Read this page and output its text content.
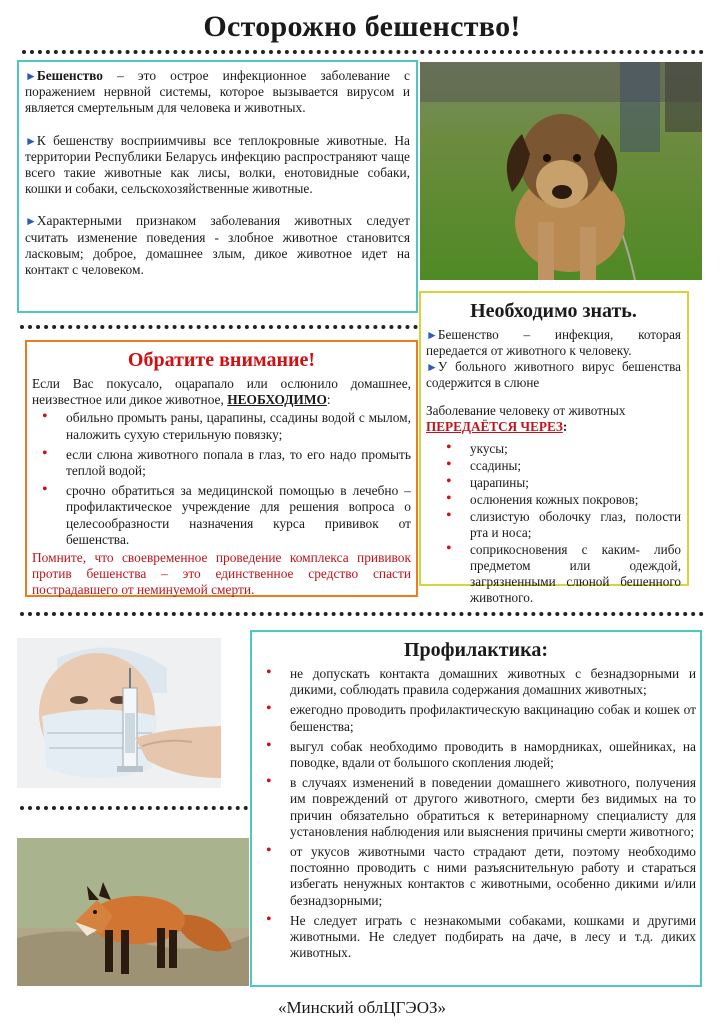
Осторожно бешенство!

►Бешенство – это острое инфекционное заболевание с поражением нервной системы, которое вызывается вирусом и является смертельным для человека и животных.

►К бешенству восприимчивы все теплокровные животные. На территории Республики Беларусь инфекцию распространяют чаще всего такие животные как лисы, волки, енотовидные собаки, кошки и собаки, сельскохозяйственные животные.

►Характерными признаком заболевания животных следует считать изменение поведения - злобное животное становится ласковым; доброе, домашнее злым, дикое животное идет на контакт с человеком.

Необходимо знать.

►Бешенство – инфекция, которая передается от животного к человеку.

►У больного животного вирус бешенства содержится в слюне

Заболевание человеку от животных
ПЕРЕДАЁТСЯ ЧЕРЕЗ:

• укусы;
• ссадины;
• царапины;
• ослюнения кожных покровов;
• слизистую оболочку глаз, полости рта и носа;
• соприкосновения с каким- либо предметом или одеждой, загрязненными слюной бешенного животного.
Обратите внимание!

Если Вас покусало, оцарапало или ослюнило домашнее, неизвестное или дикое животное, НЕОБХОДИМО:

• обильно промыть раны, царапины, ссадины водой с мылом, наложить сухую стерильную повязку;
• если слюна животного попала в глаз, то его надо промыть теплой водой;
• срочно обратиться за медицинской помощью в лечебно – профилактическое учреждение для решения вопроса о целесообразности назначения курса прививок от бешенства.

Помните, что своевременное проведение комплекса прививок против бешенства – это единственное средство спасти пострадавшего от неминуемой смерти.

Профилактика:
• не допускать контакта домашних животных с безнадзорными и дикими, соблюдать правила содержания домашних животных;
• ежегодно проводить профилактическую вакцинацию собак и кошек от бешенства;
• выгул собак необходимо проводить в намордниках, ошейниках, на поводке, вдали от большого скопления людей;
• в случаях изменений в поведении домашнего животного, получения им повреждений от другого животного, смерти без видимых на то причин обязательно обратиться к ветеринарному специалисту для установления наблюдения или выяснения причины смерти животного;
• от укусов животными часто страдают дети, поэтому необходимо постоянно проводить с ними разъяснительную работу и стараться избегать ненужных контактов с животными, особенно дикими и/или безнадзорными;
• Не следует играть с незнакомыми собаками, кошками и другими животными. Не следует подбирать на даче, в лесу и т.д. диких животных.
«Минский облЦГЭОЗ»
